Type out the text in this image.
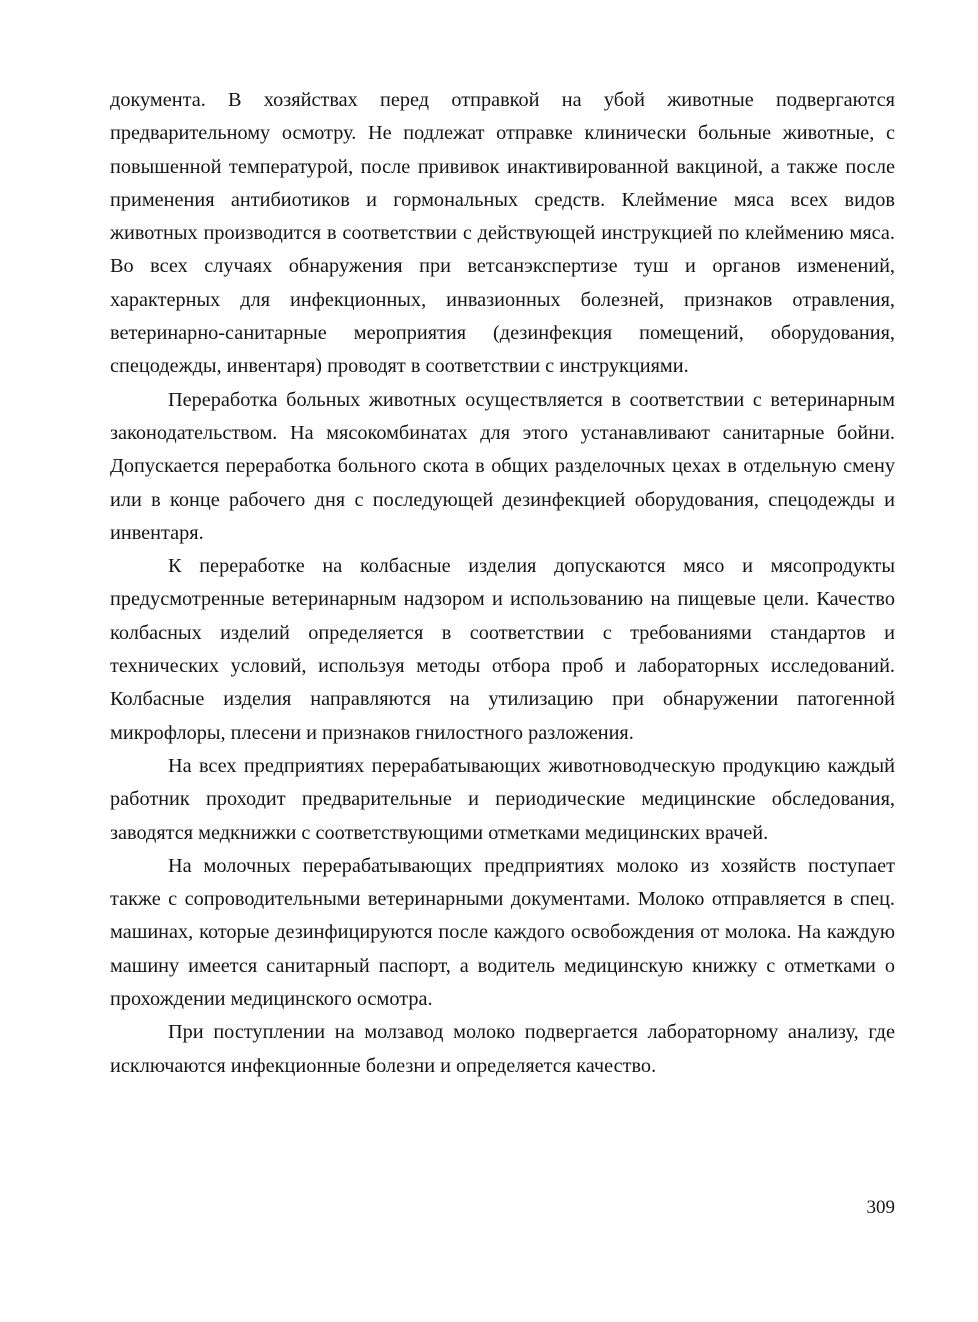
документа. В хозяйствах перед отправкой на убой животные подвергаются предварительному осмотру. Не подлежат отправке клинически больные животные, с повышенной температурой, после прививок инактивированной вакциной, а также после применения антибиотиков и гормональных средств. Клеймение мяса всех видов животных производится в соответствии с действующей инструкцией по клеймению мяса. Во всех случаях обнаружения при ветсанэкспертизе туш и органов изменений, характерных для инфекционных, инвазионных болезней, признаков отравления, ветеринарно-санитарные мероприятия (дезинфекция помещений, оборудования, спецодежды, инвентаря) проводят в соответствии с инструкциями.

Переработка больных животных осуществляется в соответствии с ветеринарным законодательством. На мясокомбинатах для этого устанавливают санитарные бойни. Допускается переработка больного скота в общих разделочных цехах в отдельную смену или в конце рабочего дня с последующей дезинфекцией оборудования, спецодежды и инвентаря.

К переработке на колбасные изделия допускаются мясо и мясопродукты предусмотренные ветеринарным надзором и использованию на пищевые цели. Качество колбасных изделий определяется в соответствии с требованиями стандартов и технических условий, используя методы отбора проб и лабораторных исследований. Колбасные изделия направляются на утилизацию при обнаружении патогенной микрофлоры, плесени и признаков гнилостного разложения.

На всех предприятиях перерабатывающих животноводческую продукцию каждый работник проходит предварительные и периодические медицинские обследования, заводятся медкнижки с соответствующими отметками медицинских врачей.

На молочных перерабатывающих предприятиях молоко из хозяйств поступает также с сопроводительными ветеринарными документами. Молоко отправляется в спец. машинах, которые дезинфицируются после каждого освобождения от молока. На каждую машину имеется санитарный паспорт, а водитель медицинскую книжку с отметками о прохождении медицинского осмотра.

При поступлении на молзавод молоко подвергается лабораторному анализу, где исключаются инфекционные болезни и определяется качество.

309
